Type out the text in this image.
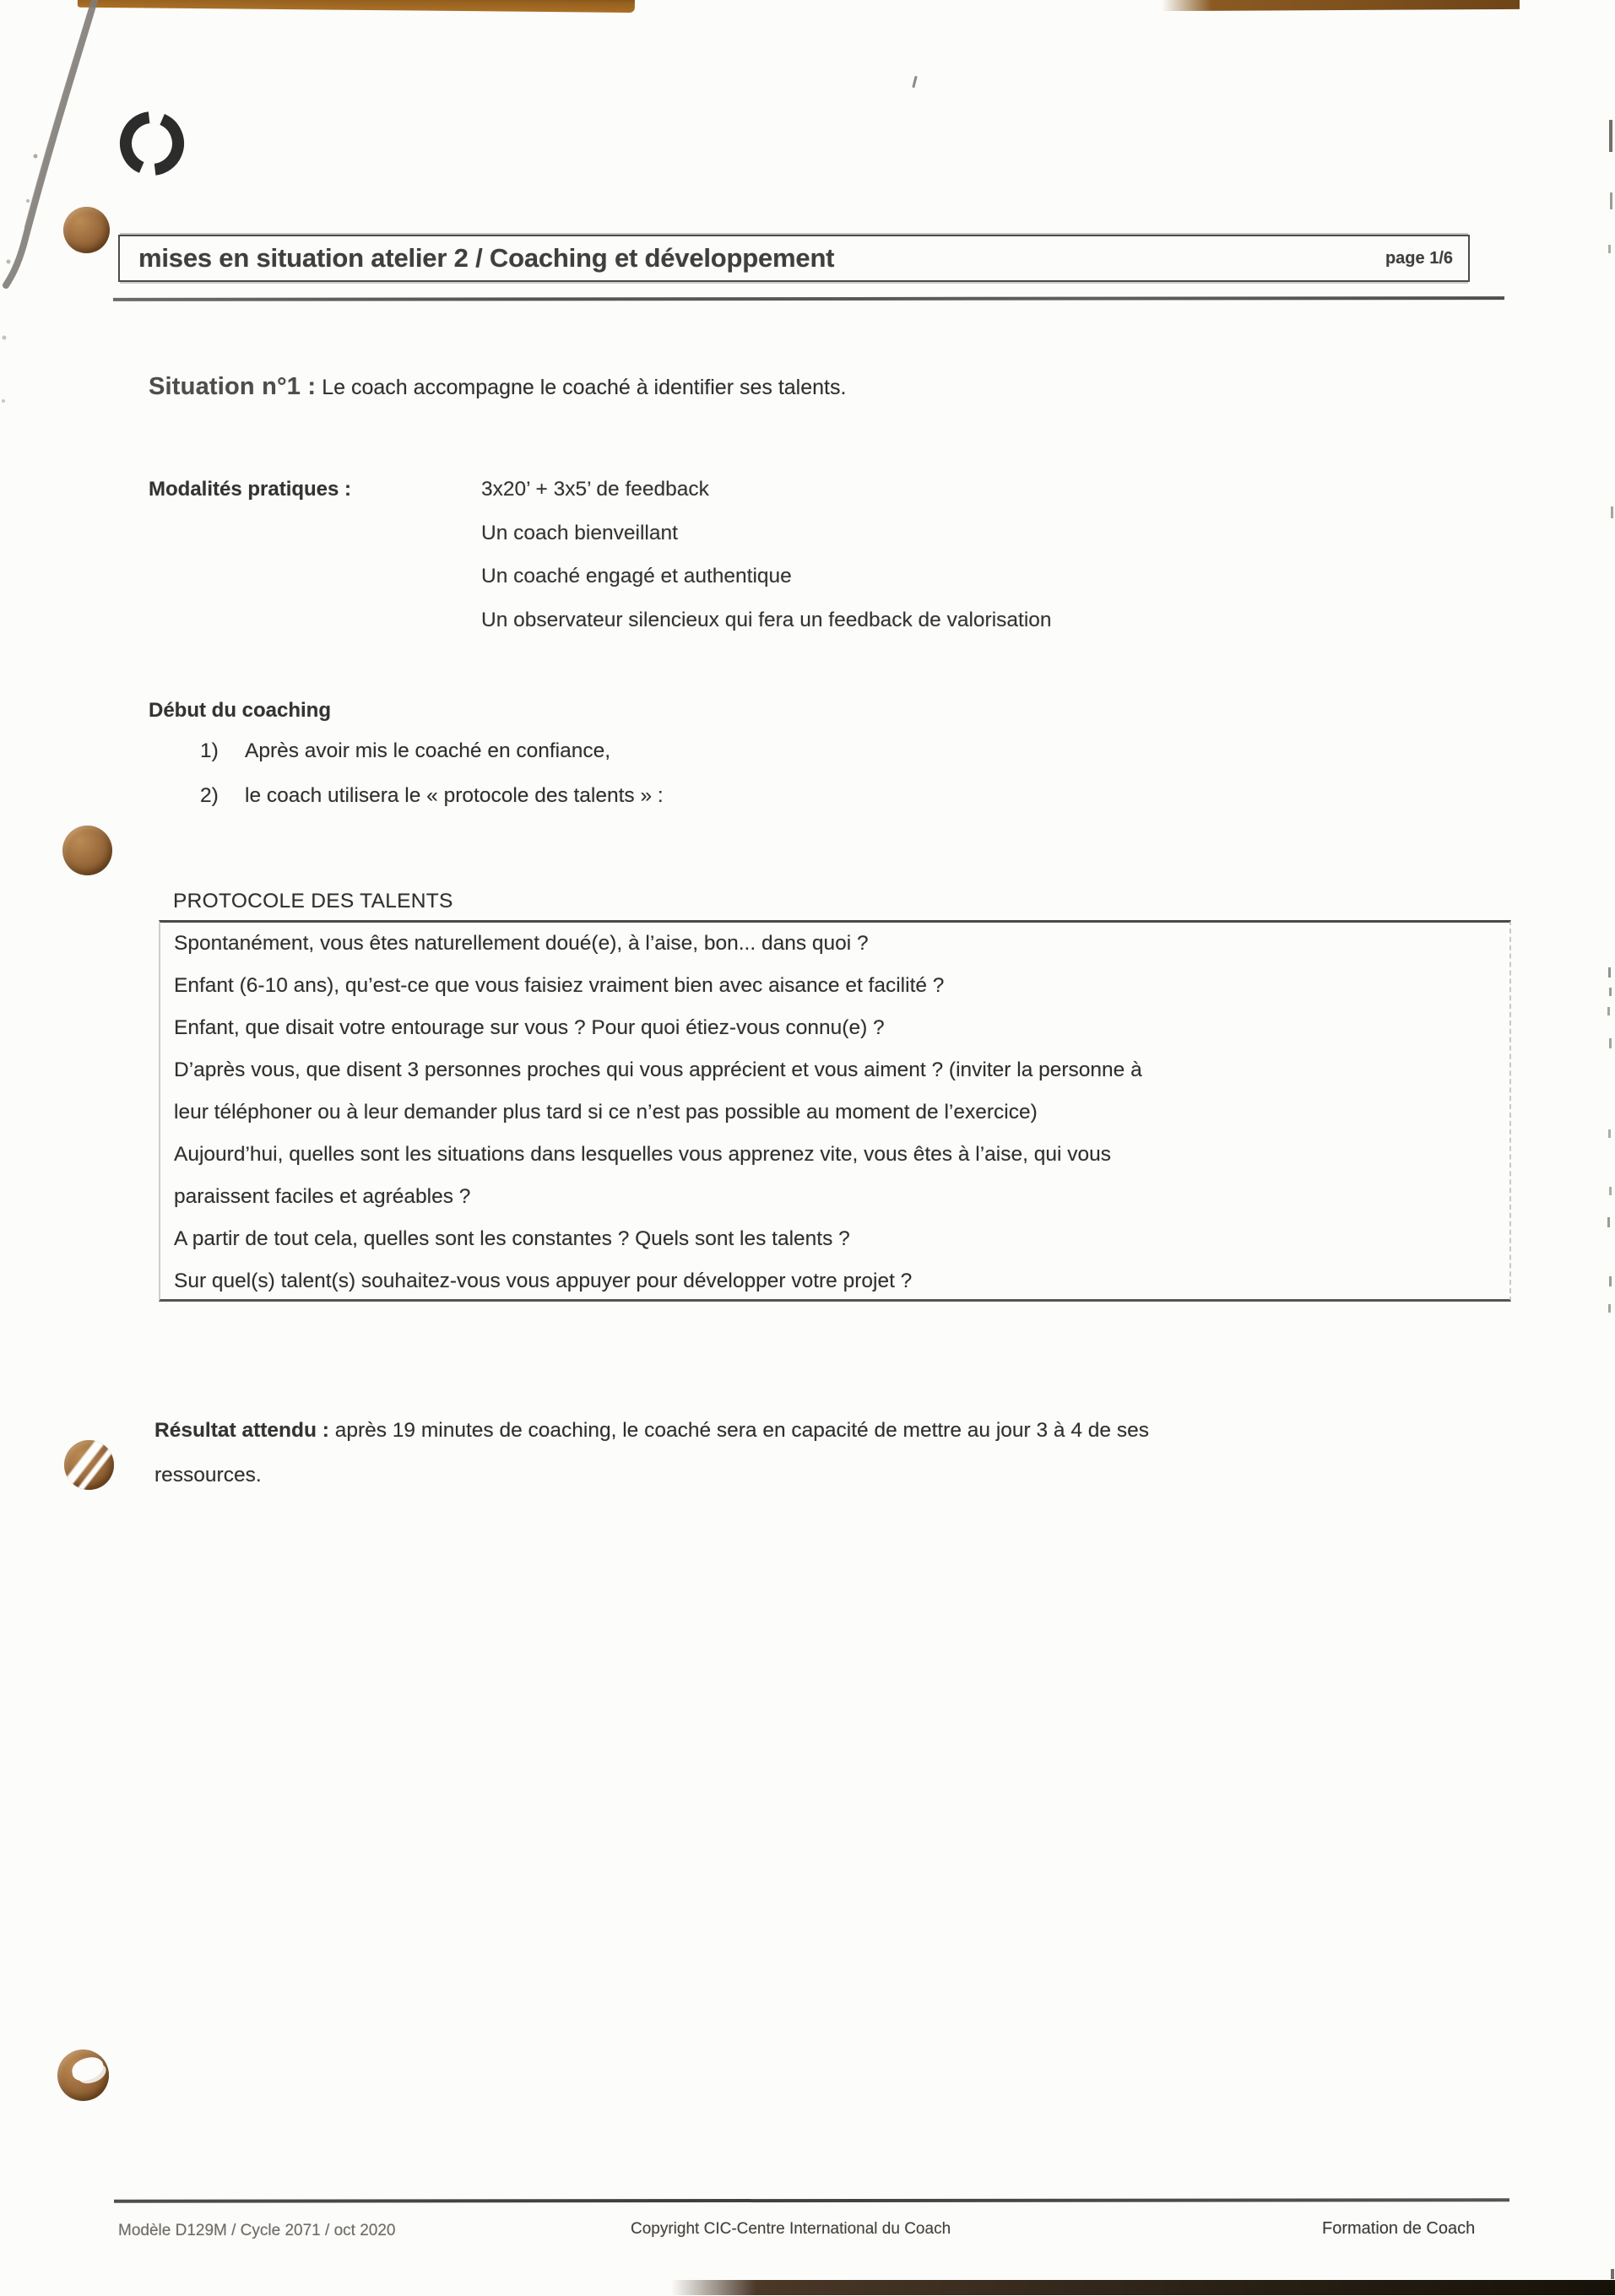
mises en situation atelier 2 / Coaching et développement	page 1/6
Situation n°1 : Le coach accompagne le coaché à identifier ses talents.
Modalités pratiques :	3x20’ + 3x5’ de feedback
Un coach bienveillant
Un coaché engagé et authentique
Un observateur silencieux qui fera un feedback de valorisation
Début du coaching
1) Après avoir mis le coaché en confiance,
2) le coach utilisera le « protocole des talents » :
PROTOCOLE DES TALENTS
Spontanément, vous êtes naturellement doué(e), à l’aise, bon... dans quoi ?
Enfant (6-10 ans), qu’est-ce que vous faisiez vraiment bien avec aisance et facilité ?
Enfant, que disait votre entourage sur vous ? Pour quoi étiez-vous connu(e) ?
D’après vous, que disent 3 personnes proches qui vous apprécient et vous aiment ? (inviter la personne à
leur téléphoner ou à leur demander plus tard si ce n’est pas possible au moment de l’exercice)
Aujourd’hui, quelles sont les situations dans lesquelles vous apprenez vite, vous êtes à l’aise, qui vous
paraissent faciles et agréables ?
A partir de tout cela, quelles sont les constantes ? Quels sont les talents ?
Sur quel(s) talent(s) souhaitez-vous vous appuyer pour développer votre projet ?
Résultat attendu : après 19 minutes de coaching, le coaché sera en capacité de mettre au jour 3 à 4 de ses
ressources.
Modèle D129M / Cycle 2071 / oct 2020	Copyright CIC-Centre International du Coach	Formation de Coach
